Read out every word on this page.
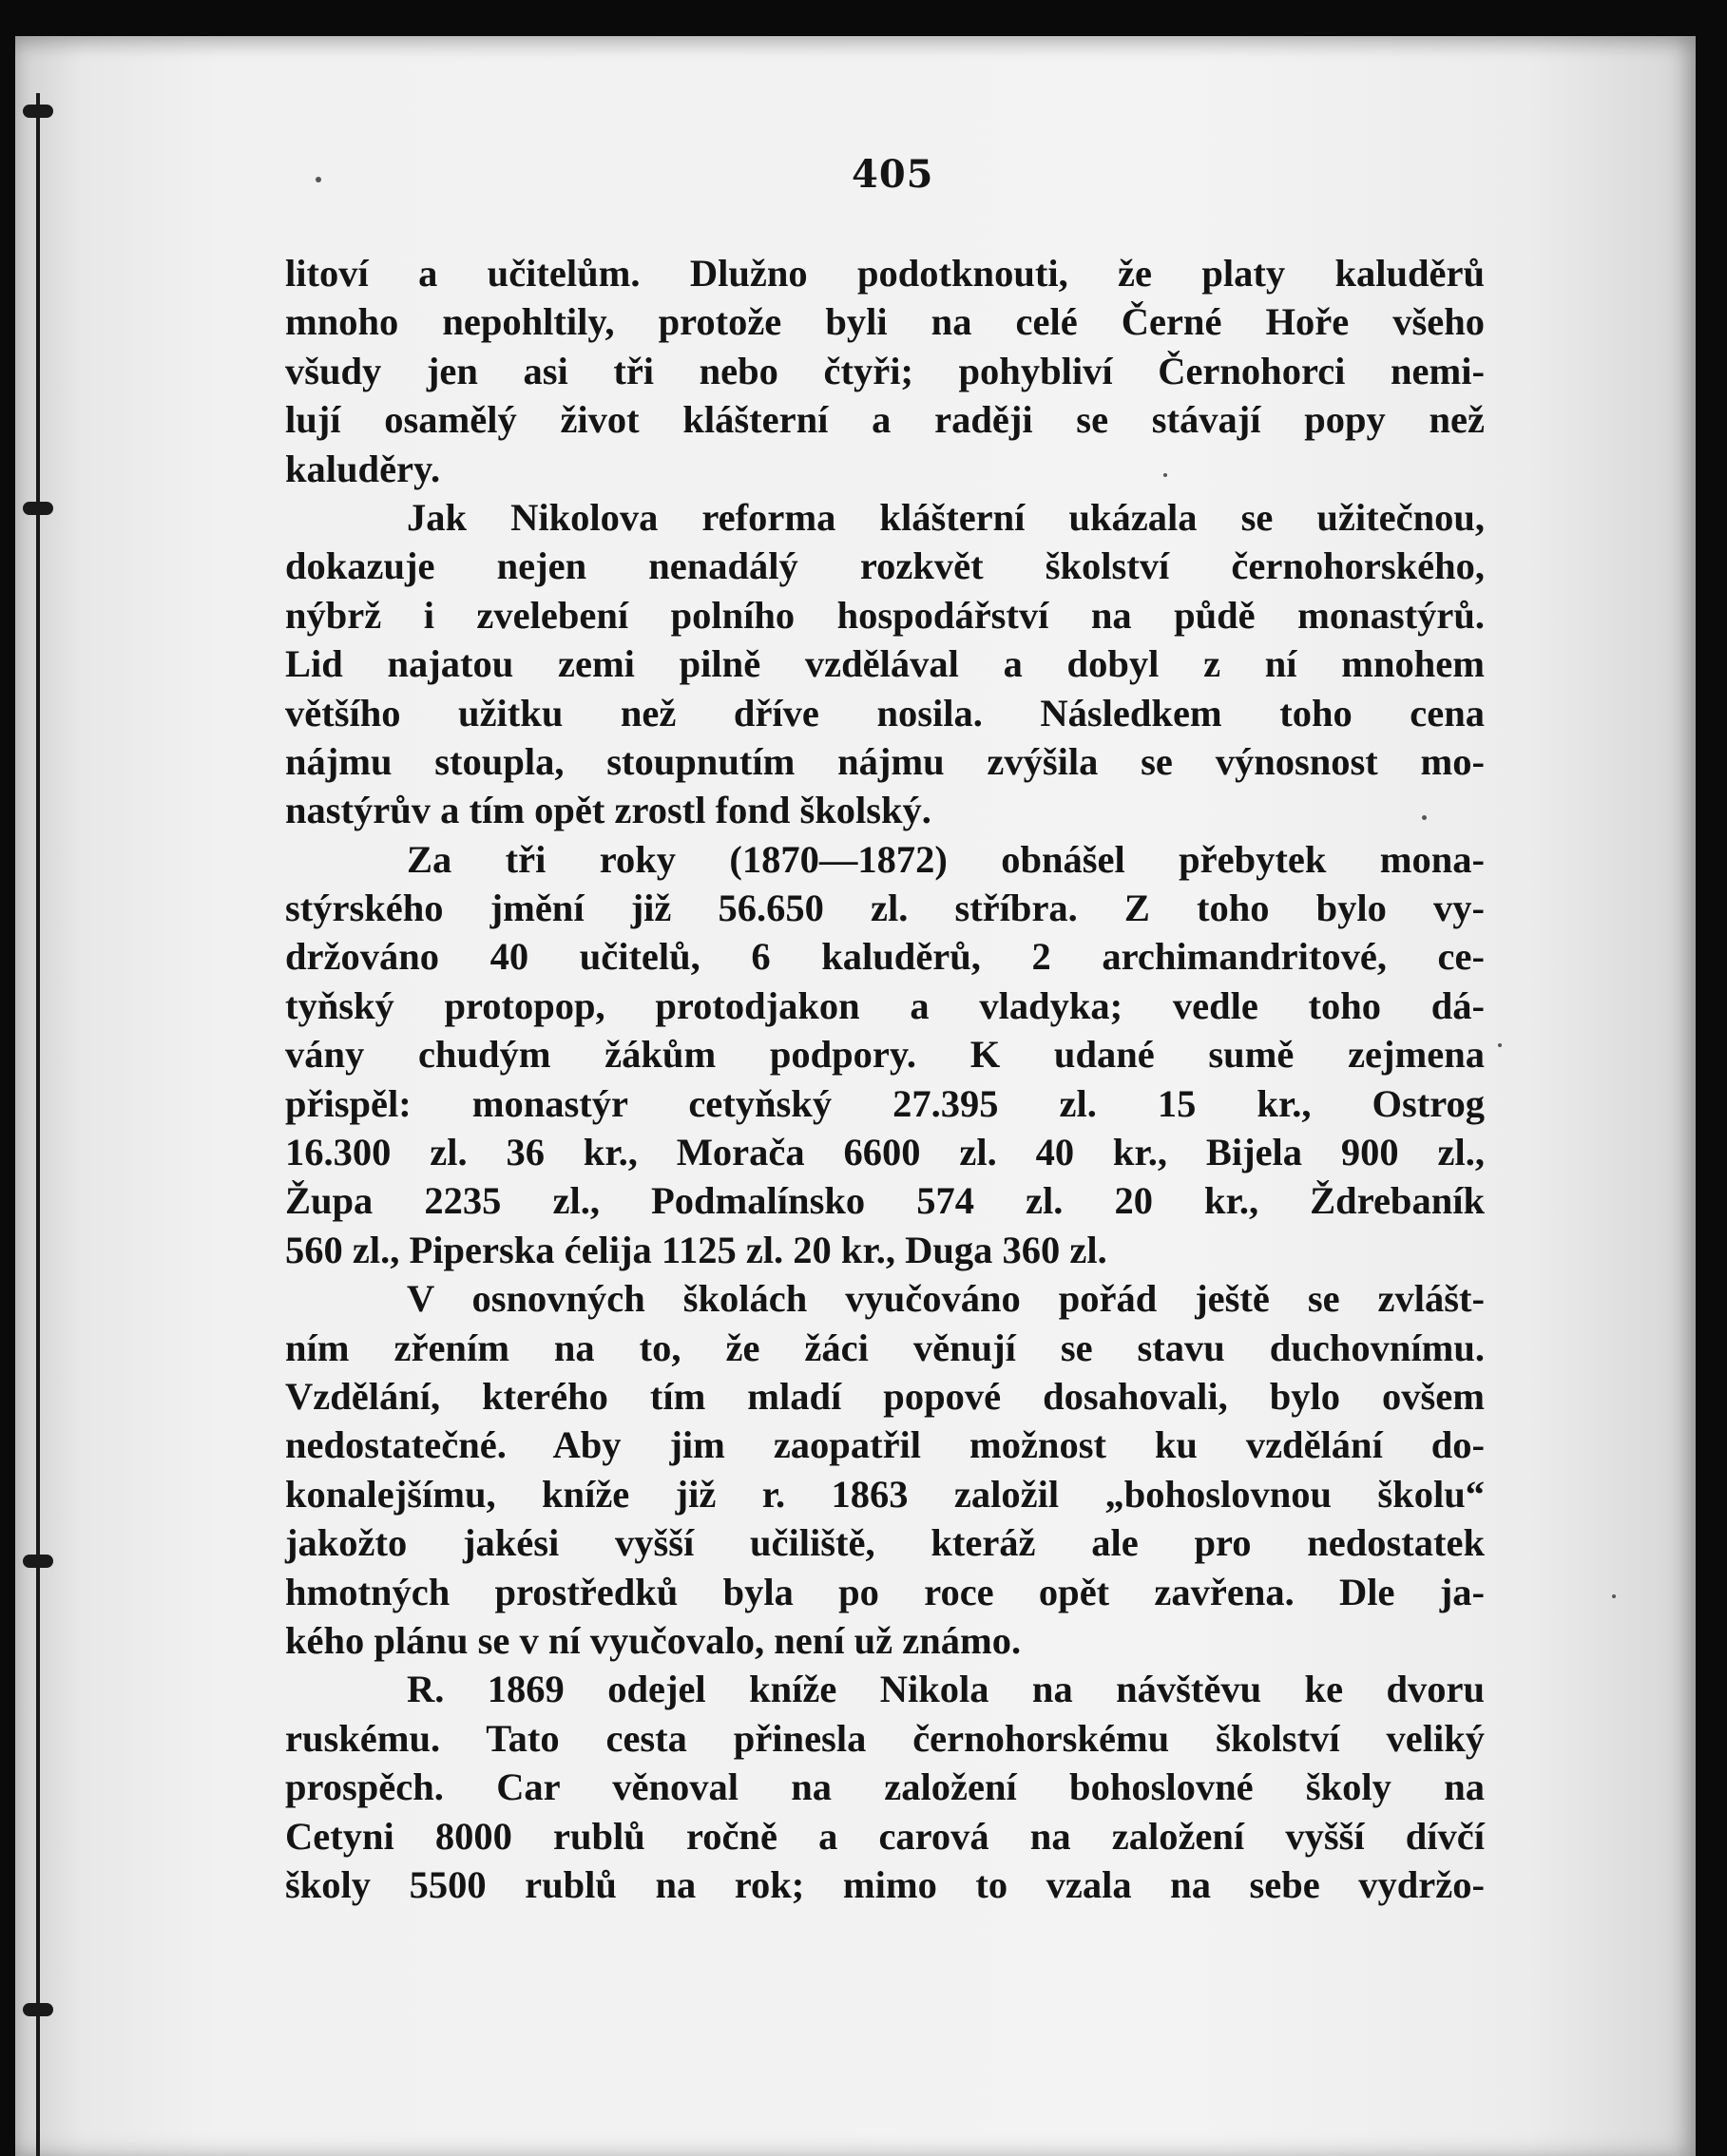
405
litoví a učitelům. Dlužno podotknouti, že platy kaluděrů
mnoho nepohltily, protože byli na celé Černé Hoře všeho
všudy jen asi tři nebo čtyři; pohybliví Černohorci nemi-
lují osamělý život klášterní a raději se stávají popy než
kaluděry.
Jak Nikolova reforma klášterní ukázala se užitečnou,
dokazuje nejen nenadálý rozkvět školství černohorského,
nýbrž i zvelebení polního hospodářství na půdě monastýrů.
Lid najatou zemi pilně vzdělával a dobyl z ní mnohem
většího užitku než dříve nosila. Následkem toho cena
nájmu stoupla, stoupnutím nájmu zvýšila se výnosnost mo-
nastýrův a tím opět zrostl fond školský.
Za tři roky (1870—1872) obnášel přebytek mona-
stýrského jmění již 56.650 zl. stříbra. Z toho bylo vy-
držováno 40 učitelů, 6 kaluděrů, 2 archimandritové, ce-
tyňský protopop, protodjakon a vladyka; vedle toho dá-
vány chudým žákům podpory. K udané sumě zejmena
přispěl: monastýr cetyňský 27.395 zl. 15 kr., Ostrog
16.300 zl. 36 kr., Morača 6600 zl. 40 kr., Bijela 900 zl.,
Župa 2235 zl., Podmalínsko 574 zl. 20 kr., Ždrebaník
560 zl., Piperska ćelija 1125 zl. 20 kr., Duga 360 zl.
V osnovných školách vyučováno pořád ještě se zvlášt-
ním zřením na to, že žáci věnují se stavu duchovnímu.
Vzdělání, kterého tím mladí popové dosahovali, bylo ovšem
nedostatečné. Aby jim zaopatřil možnost ku vzdělání do-
konalejšímu, kníže již r. 1863 založil „bohoslovnou školu“
jakožto jakési vyšší učiliště, kteráž ale pro nedostatek
hmotných prostředků byla po roce opět zavřena. Dle ja-
kého plánu se v ní vyučovalo, není už známo.
R. 1869 odejel kníže Nikola na návštěvu ke dvoru
ruskému. Tato cesta přinesla černohorskému školství veliký
prospěch. Car věnoval na založení bohoslovné školy na
Cetyni 8000 rublů ročně a carová na založení vyšší dívčí
školy 5500 rublů na rok; mimo to vzala na sebe vydržo-
